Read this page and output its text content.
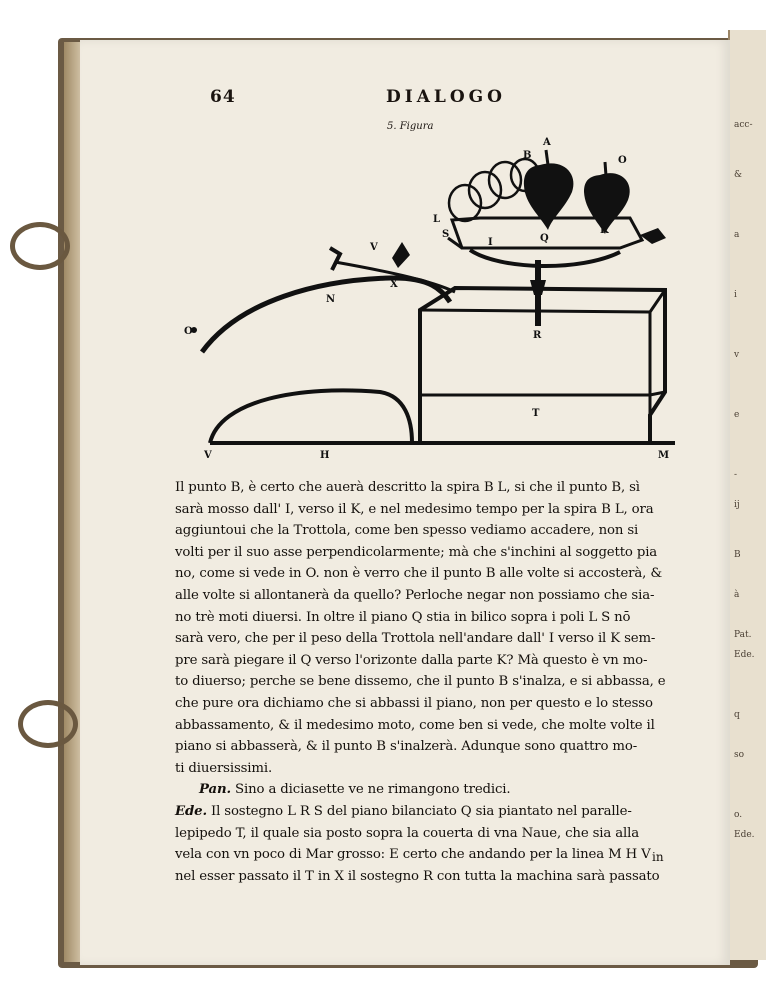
acc-
&
a
i
v
e
-
ij
B
à
Pat.
Ede.
q
so
o.
Ede.
64	DIALOGO
5. Figura
A
B	O
L
S
I	Q
K
V
X
N
R
T
H	M
O
V
Il punto B, è certo che auerà descritto la spira B L, si che il punto B, sì
sarà mosso dall' I, verso il K, e nel medesimo tempo per la spira B L, ora
aggiuntoui che la Trottola, come ben spesso vediamo accadere, non si
volti per il suo asse perpendicolarmente; mà che s'inchini al soggetto pia
no, come si vede in O. non è verro che il punto B alle volte si accosterà, &
alle volte si allontanerà da quello? Perloche negar non possiamo che sia-
no trè moti diuersi. In oltre il piano Q stia in bilico sopra i poli L S nō
sarà vero, che per il peso della Trottola nell'andare dall' I verso il K sem-
pre sarà piegare il Q verso l'orizonte dalla parte K? Mà questo è vn mo-
to diuerso; perche se bene dissemo, che il punto B s'inalza, e si abbassa, e
che pure ora dichiamo che si abbassi il piano, non per questo e lo stesso
abbassamento, & il medesimo moto, come ben si vede, che molte volte il
piano si abbasserà, & il punto B s'inalzerà. Adunque sono quattro mo-
ti diuersissimi.
Pan. Sino a diciasette ve ne rimangono tredici.
Ede. Il sostegno L R S del piano bilanciato Q sia piantato nel paralle-
lepipedo T, il quale sia posto sopra la couerta di vna Naue, che sia alla
vela con vn poco di Mar grosso: E certo che andando per la linea M H V
nel esser passato il T in X il sostegno R con tutta la machina sarà passato
in
